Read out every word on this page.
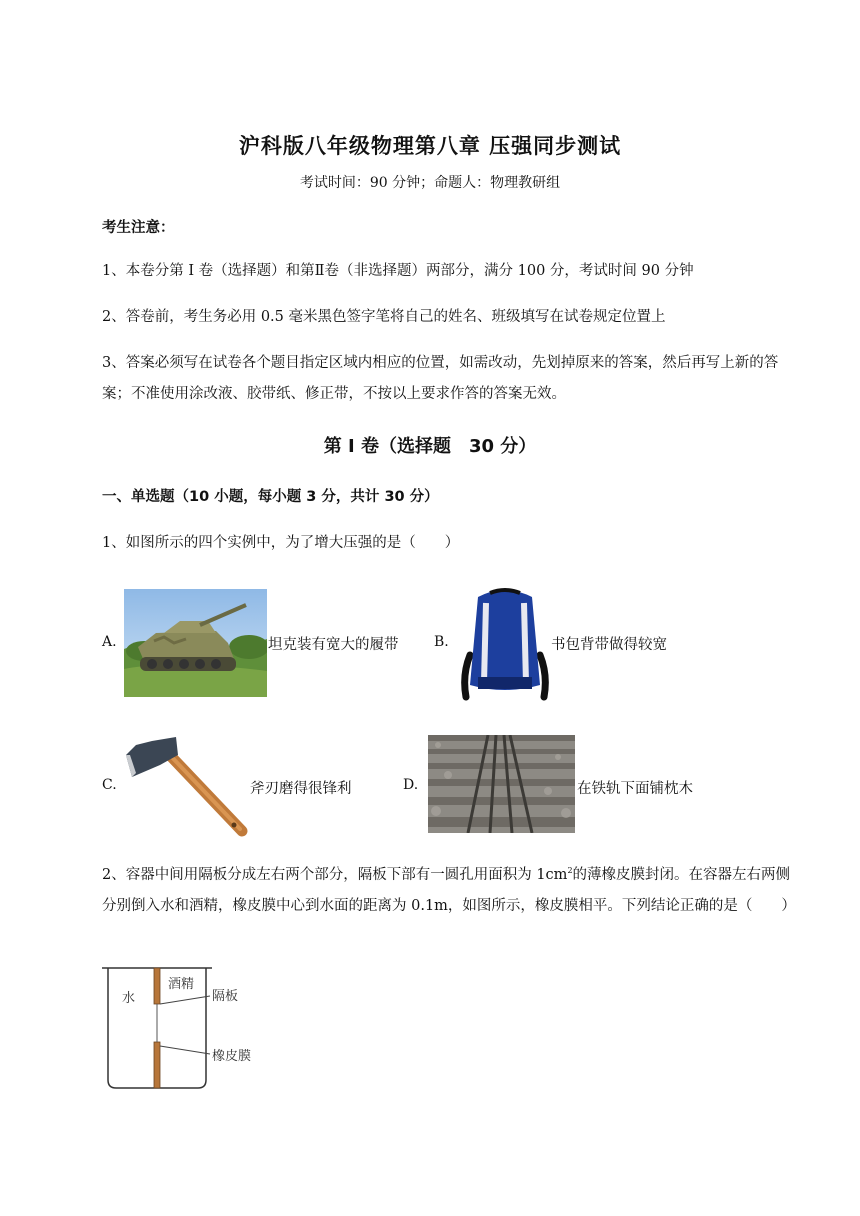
沪科版八年级物理第八章 压强同步测试
考试时间：90 分钟；命题人：物理教研组
考生注意：
1、本卷分第 I 卷（选择题）和第Ⅱ卷（非选择题）两部分，满分 100 分，考试时间 90 分钟
2、答卷前，考生务必用 0.5 毫米黑色签字笔将自己的姓名、班级填写在试卷规定位置上
3、答案必须写在试卷各个题目指定区域内相应的位置，如需改动，先划掉原来的答案，然后再写上新的答案；不准使用涂改液、胶带纸、修正带，不按以上要求作答的答案无效。
第 I 卷（选择题　30 分）
一、单选题（10 小题，每小题 3 分，共计 30 分）
1、如图所示的四个实例中，为了增大压强的是（　　）
A.	坦克装有宽大的履带	B.	书包背带做得较宽
C.	斧刃磨得很锋利	D.	在铁轨下面铺枕木
2、容器中间用隔板分成左右两个部分，隔板下部有一圆孔用面积为 $1cm^2$的薄橡皮膜封闭。在容器左右两侧分别倒入水和酒精，橡皮膜中心到水面的距离为 0.1m，如图所示，橡皮膜相平。下列结论正确的是（　　）
水
酒精
隔板
橡皮膜
